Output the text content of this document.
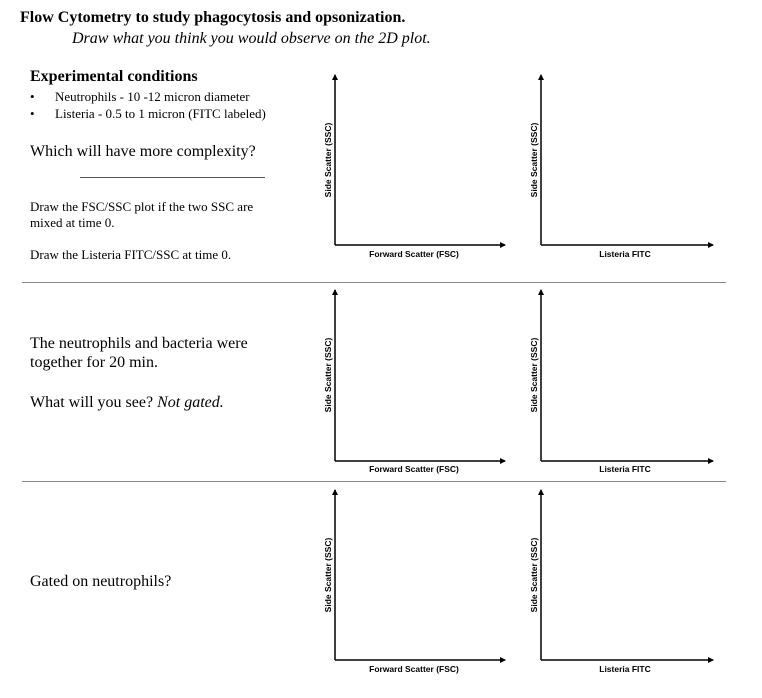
Flow Cytometry to study phagocytosis and opsonization.
Draw what you think you would observe on the 2D plot.
Experimental conditions
• Neutrophils - 10 -12 micron diameter
• Listeria - 0.5 to 1 micron (FITC labeled)
Which will have more complexity?
Draw the FSC/SSC plot if the two SSC are
mixed at time 0.
Draw the Listeria FITC/SSC at time 0.
The neutrophils and bacteria were
together for 20 min.
What will you see? Not gated.
Gated on neutrophils?
Side Scatter (SSC)
Forward Scatter (FSC)
Side Scatter (SSC)
Listeria FITC
Side Scatter (SSC)
Forward Scatter (FSC)
Side Scatter (SSC)
Listeria FITC
Side Scatter (SSC)
Forward Scatter (FSC)
Side Scatter (SSC)
Listeria FITC
